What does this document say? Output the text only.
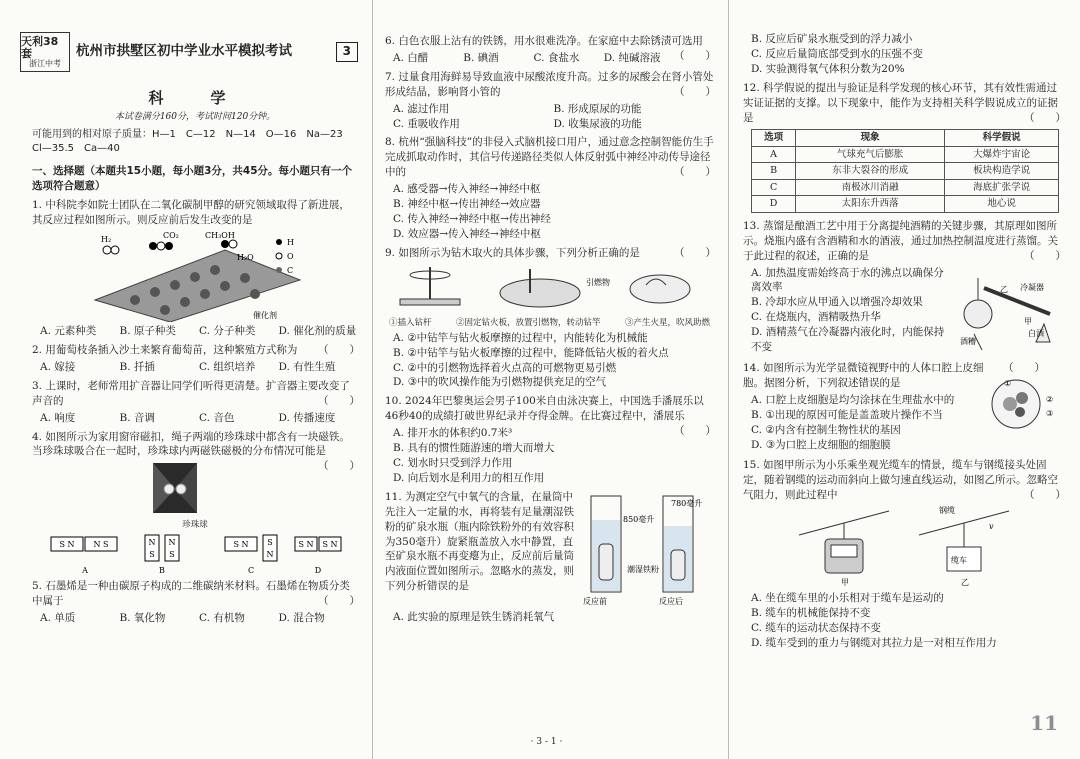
天利38套
浙江中考
杭州市拱墅区初中学业水平模拟考试	3
科　学
本试卷满分160分，考试时间120分钟。
可能用到的相对原子质量：H—1　C—12　N—14　O—16　Na—23　Cl—35.5　Ca—40
一、选择题（本题共15小题，每小题3分，共45分。每小题只有一个选项符合题意）
1. 中科院李如院士团队在二氧化碳制甲醇的研究领域取得了新进展，其反应过程如图所示。则反应前后发生改变的是
H₂	CO₂	CH₃OH
H₂O
H
O
C
催化剂
A. 元素种类	B. 原子种类	C. 分子种类	D. 催化剂的质量
2. 用葡萄枝条插入沙土来繁育葡萄苗，这种繁殖方式称为 （　　）
A. 嫁接	B. 扦插	C. 组织培养	D. 有性生殖
3. 上课时，老师常用扩音器让同学们听得更清楚。扩音器主要改变了声音的	（　　）
A. 响度	B. 音调	C. 音色	D. 传播速度
4. 如图所示为家用窗帘磁扣，绳子两端的珍珠球中都含有一块磁铁。当珍珠球吸合在一起时，珍珠球内两磁铁磁极的分布情况可能是
（　　）
珍珠球
S N N S	N
S
N
S
S N S
N
S N S N
A	B	C	D
5. 石墨烯是一种由碳原子构成的二维碳纳米材料。石墨烯在物质分类中属于	（　　）
A. 单质	B. 氧化物	C. 有机物	D. 混合物
6. 白色衣服上沾有的铁锈，用水很难洗净。在家庭中去除锈渍可选用
（　　）
A. 白醋	B. 碘酒	C. 食盐水	D. 纯碱溶液
7. 过量食用海鲜易导致血液中尿酸浓度升高。过多的尿酸会在肾小管处形成结晶，影响肾小管的	（　　）
A. 滤过作用	B. 形成原尿的功能
C. 重吸收作用	D. 收集尿液的功能
8. 杭州“强脑科技”的非侵入式脑机接口用户，通过意念控制智能仿生手完成抓取动作时，其信号传递路径类似人体反射弧中神经冲动传导途径中的	（　　）
A. 感受器→传入神经→神经中枢
B. 神经中枢→传出神经→效应器
C. 传入神经→神经中枢→传出神经
D. 效应器→传入神经→神经中枢
9. 如图所示为钻木取火的具体步骤，下列分析正确的是	（　　）
引燃物
①插入钻杆	②固定钻火板，放置引燃物，转动钻竿	③产生火星，吹风助燃
A. ②中钻竿与钻火板摩擦的过程中，内能转化为机械能
B. ②中钻竿与钻火板摩擦的过程中，能降低钻火板的着火点
C. ②中的引燃物选择着火点高的可燃物更易引燃
D. ③中的吹风操作能为引燃物提供充足的空气
10. 2024年巴黎奥运会男子100米自由泳决赛上，中国选手潘展乐以46秒40的成绩打破世界纪录并夺得金牌。在比赛过程中，潘展乐
（　　）
A. 排开水的体积约0.7米³
B. 具有的惯性随游速的增大而增大
C. 划水时只受到浮力作用
D. 向后划水是利用力的相互作用
11. 为测定空气中氧气的含量，在量筒中先注入一定量的水，再将装有足量潮湿铁粉的矿泉水瓶（瓶内除铁粉外的有效容积为350毫升）旋紧瓶盖放入水中静置，直至矿泉水瓶不再变瘪为止，反应前后量筒内液面位置如图所示。忽略水的蒸发，则下列分析错误的是
850毫升
780毫升
潮湿铁粉
反应前	反应后
A. 此实验的原理是铁生锈消耗氧气
· 3 - 1 ·
B. 反应后矿泉水瓶受到的浮力减小
C. 反应后量筒底部受到水的压强不变
D. 实验测得氧气体积分数为20%
12. 科学假说的提出与验证是科学发现的核心环节，其有效性需通过实证证据的支撑。以下现象中，能作为支持相关科学假说成立的证据是	（　　）
选项	现象	科学假说
A	气球充气后膨胀	大爆炸宇宙论
B	东非大裂谷的形成	板块构造学说
C	南极冰川消融	海底扩张学说
D	太阳东升西落	地心说
13. 蒸馏是酿酒工艺中用于分离提纯酒精的关键步骤，其原理如图所示。烧瓶内盛有含酒精和水的酒液，通过加热控制温度进行蒸馏。关于此过程的叙述，正确的是	（　　）
A. 加热温度需始终高于水的沸点以确保分离效率
B. 冷却水应从甲通入以增强冷却效果
C. 在烧瓶内，酒精吸热升华
D. 酒精蒸气在冷凝器内液化时，内能保持不变
冷凝器
乙
酒糟
甲
白酒
14. 如图所示为光学显微镜视野中的人体口腔上皮细胞。据图分析，下列叙述错误的是
A. 口腔上皮细胞是均匀涂抹在生理盐水中的
B. ①出现的原因可能是盖盖玻片操作不当
C. ②内含有控制生物性状的基因
D. ③为口腔上皮细胞的细胞膜
（　　）
①
②
③
15. 如图甲所示为小乐乘坐观光缆车的情景，缆车与钢缆接头处固定，随着钢缆的运动而斜向上做匀速直线运动，如图乙所示。忽略空气阻力，则此过程中	（　　）
钢缆
缆车
甲	乙
v
A. 坐在缆车里的小乐相对于缆车是运动的
B. 缆车的机械能保持不变
C. 缆车的运动状态保持不变
D. 缆车受到的重力与钢缆对其拉力是一对相互作用力
11
